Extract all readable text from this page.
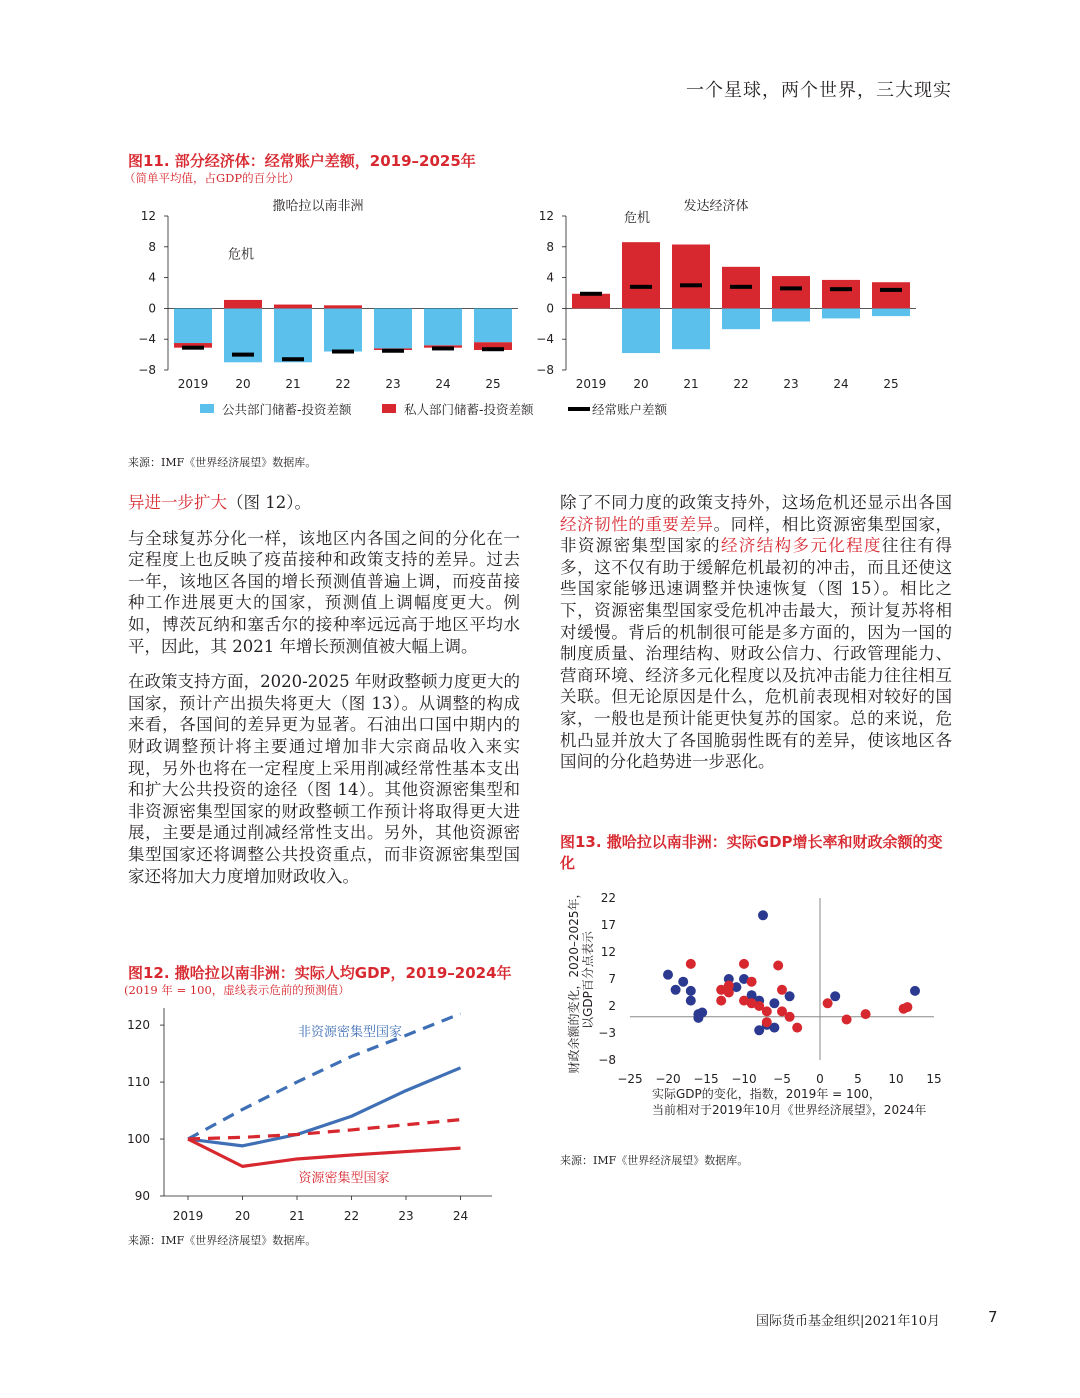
一个星球，两个世界，三大现实
图11. 部分经济体：经常账户差额，2019–2025年
（简单平均值，占GDP的百分比）
撒哈拉以南非洲
12
8
4
0
−4
−8
2019 20	21	22	23	24	25
危机
发达经济体
12
8
4
0
−4
−8
2019 20	21	22	23	24	25
危机
公共部门储蓄-投资差额	私人部门储蓄-投资差额	经常账户差额
来源：IMF《世界经济展望》数据库。

异进一步扩大（图 12）。

与全球复苏分化一样，该地区内各国之间的分化在一定程度上也反映了疫苗接种和政策支持的差异。过去一年，该地区各国的增长预测值普遍上调，而疫苗接种工作进展更大的国家，预测值上调幅度更大。例如，博茨瓦纳和塞舌尔的接种率远远高于地区平均水平，因此，其 2021 年增长预测值被大幅上调。

在政策支持方面，2020-2025 年财政整顿力度更大的国家，预计产出损失将更大（图 13）。从调整的构成来看，各国间的差异更为显著。石油出口国中期内的财政调整预计将主要通过增加非大宗商品收入来实现，另外也将在一定程度上采用削减经常性基本支出和扩大公共投资的途径（图 14）。其他资源密集型和非资源密集型国家的财政整顿工作预计将取得更大进展，主要是通过削减经常性支出。另外，其他资源密集型国家还将调整公共投资重点，而非资源密集型国家还将加大力度增加财政收入。

除了不同力度的政策支持外，这场危机还显示出各国经济韧性的重要差异。同样，相比资源密集型国家，非资源密集型国家的经济结构多元化程度往往有得多，这不仅有助于缓解危机最初的冲击，而且还使这些国家能够迅速调整并快速恢复（图 15）。相比之下，资源密集型国家受危机冲击最大，预计复苏将相对缓慢。背后的机制很可能是多方面的，因为一国的制度质量、治理结构、财政公信力、行政管理能力、营商环境、经济多元化程度以及抗冲击能力往往相互关联。但无论原因是什么，危机前表现相对较好的国家，一般也是预计能更快复苏的国家。总的来说，危机凸显并放大了各国脆弱性既有的差异，使该地区各国间的分化趋势进一步恶化。

图12. 撒哈拉以南非洲：实际人均GDP，2019–2024年
(2019 年 = 100，虚线表示危前的预测值）
120
110
100
90
2019	20	21	22	23	24
非资源密集型国家
资源密集型国家
来源：IMF《世界经济展望》数据库。
图13. 撒哈拉以南非洲：实际GDP增长率和财政余额的变化
22
17
12
7
2
−3
−8
−25 −20 −15 −10 −5 0	5 10 15
财政余额的变化，2020–2025年， 以GDP百分点表示
实际GDP的变化，指数，2019年 = 100，
当前相对于2019年10月《世界经济展望》，2024年
来源：IMF《世界经济展望》数据库。
国际货币基金组织|2021年10月	7
